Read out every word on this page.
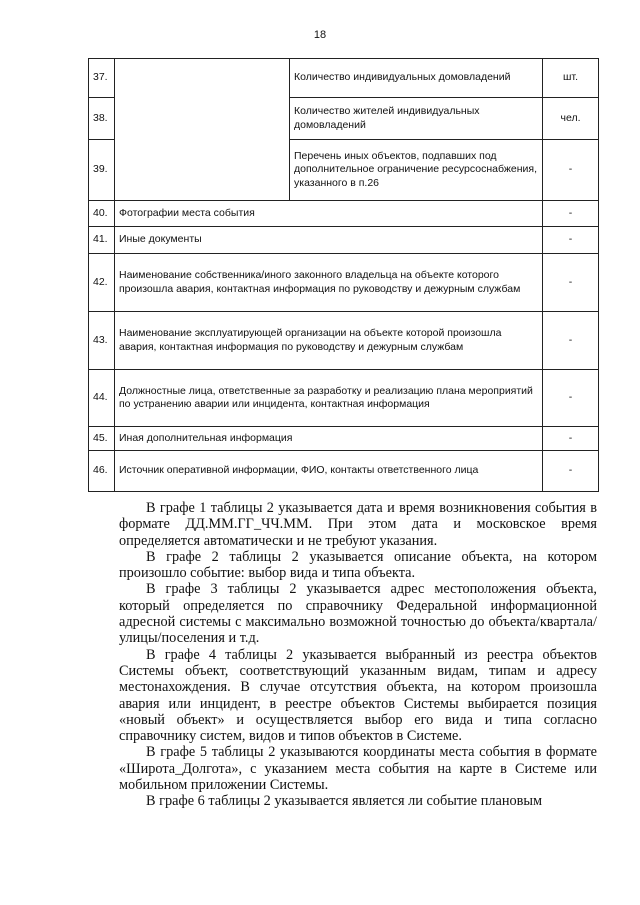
18
37.		Количество индивидуальных домовладений	шт.
38.		Количество жителей индивидуальных домовладений	чел.
39.		Перечень иных объектов, подпавших под дополнительное ограничение ресурсоснабжения, указанного в п.26	-
40.	Фотографии места события		-
41.	Иные документы		-
42.	Наименование собственника/иного законного владельца на объекте которого произошла авария, контактная информация по руководству и дежурным службам		-
43.	Наименование эксплуатирующей организации на объекте которой произошла авария, контактная информация по руководству и дежурным службам		-
44.	Должностные лица, ответственные за разработку и реализацию плана мероприятий по устранению аварии или инцидента, контактная информация		-
45.	Иная дополнительная информация		-
46.	Источник оперативной информации, ФИО, контакты ответственного лица		-

В графе 1 таблицы 2 указывается дата и время возникновения события в формате ДД.ММ.ГГ_ЧЧ.ММ. При этом дата и московское время определяется автоматически и не требуют указания.

В графе 2 таблицы 2 указывается описание объекта, на котором произошло событие: выбор вида и типа объекта.

В графе 3 таблицы 2 указывается адрес местоположения объекта, который определяется по справочнику Федеральной информационной адресной системы с максимально возможной точностью до объекта/квартала/улицы/поселения и т.д.

В графе 4 таблицы 2 указывается выбранный из реестра объектов Системы объект, соответствующий указанным видам, типам и адресу местонахождения. В случае отсутствия объекта, на котором произошла авария или инцидент, в реестре объектов Системы выбирается позиция «новый объект» и осуществляется выбор его вида и типа согласно справочнику систем, видов и типов объектов в Системе.

В графе 5 таблицы 2 указываются координаты места события в формате «Широта_Долгота», с указанием места события на карте в Системе или мобильном приложении Системы.

В графе 6 таблицы 2 указывается является ли событие плановым
